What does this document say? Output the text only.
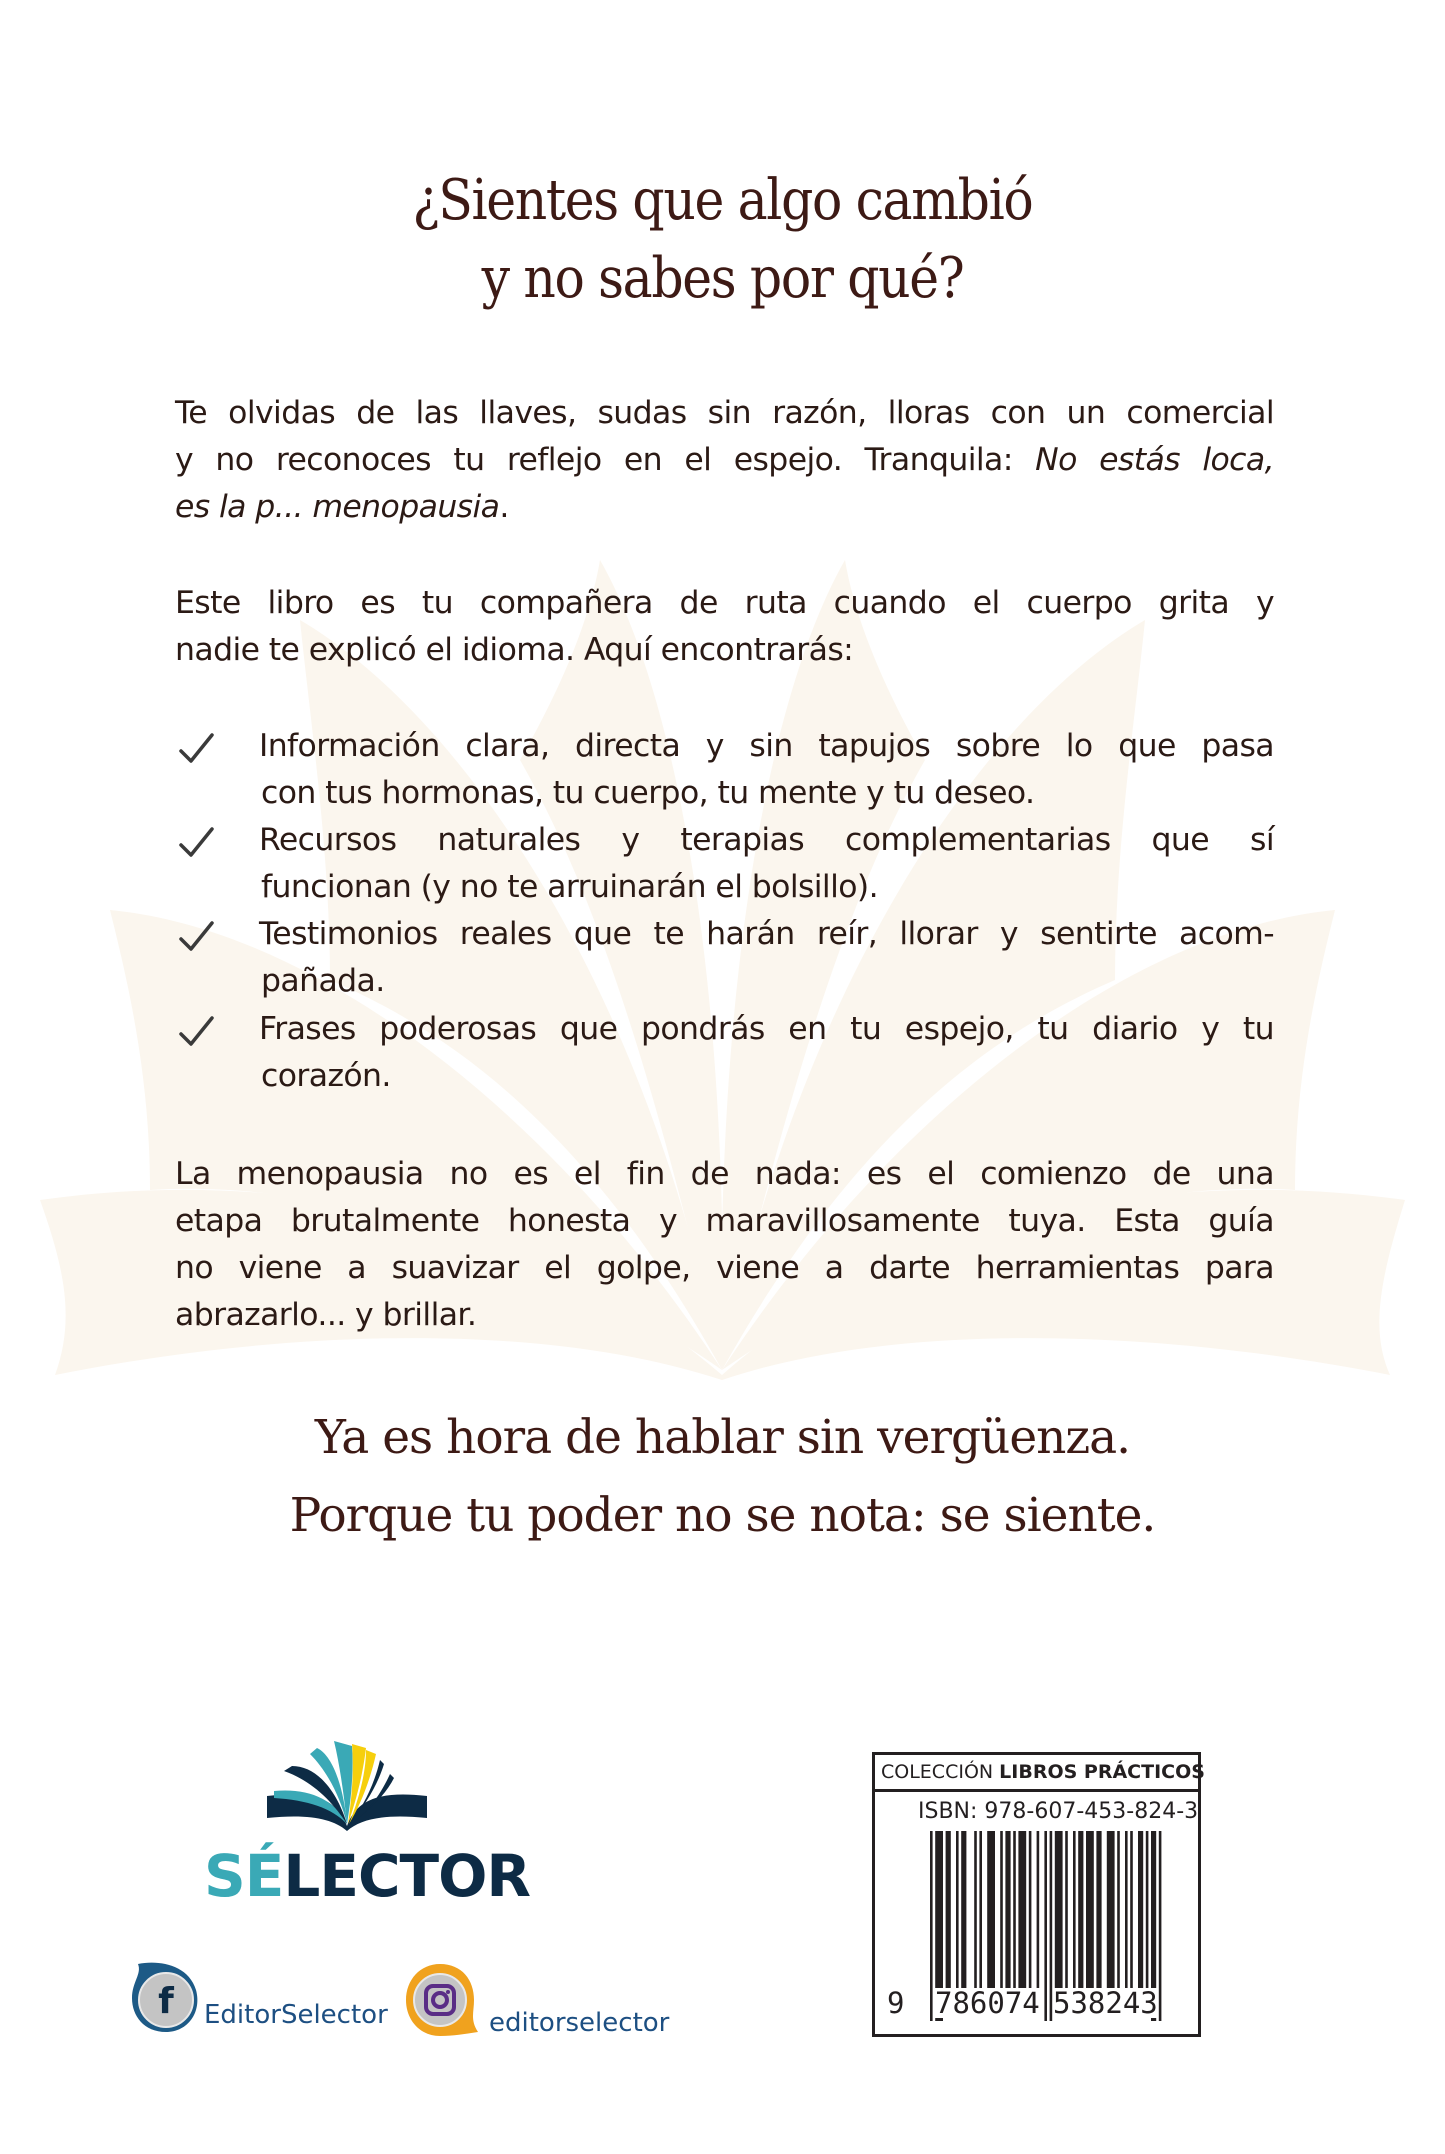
¿Sientes que algo cambió
y no sabes por qué?
Te olvidas de las llaves, sudas sin razón, lloras con un comercial
y no reconoces tu reflejo en el espejo. Tranquila: No estás loca,
es la p... menopausia.
Este libro es tu compañera de ruta cuando el cuerpo grita y
nadie te explicó el idioma. Aquí encontrarás:
Información clara, directa y sin tapujos sobre lo que pasa
con tus hormonas, tu cuerpo, tu mente y tu deseo.
Recursos naturales y terapias complementarias que sí
funcionan (y no te arruinarán el bolsillo).
Testimonios reales que te harán reír, llorar y sentirte acom-
pañada.
Frases poderosas que pondrás en tu espejo, tu diario y tu
corazón.
La menopausia no es el fin de nada: es el comienzo de una
etapa brutalmente honesta y maravillosamente tuya. Esta guía
no viene a suavizar el golpe, viene a darte herramientas para
abrazarlo... y brillar.
Ya es hora de hablar sin vergüenza.
Porque tu poder no se nota: se siente.
SÉLECTOR
f EditorSelector	editorselector
COLECCIÓN LIBROS PRÁCTICOS
ISBN: 978-607-453-824-3
9 786074 538243
